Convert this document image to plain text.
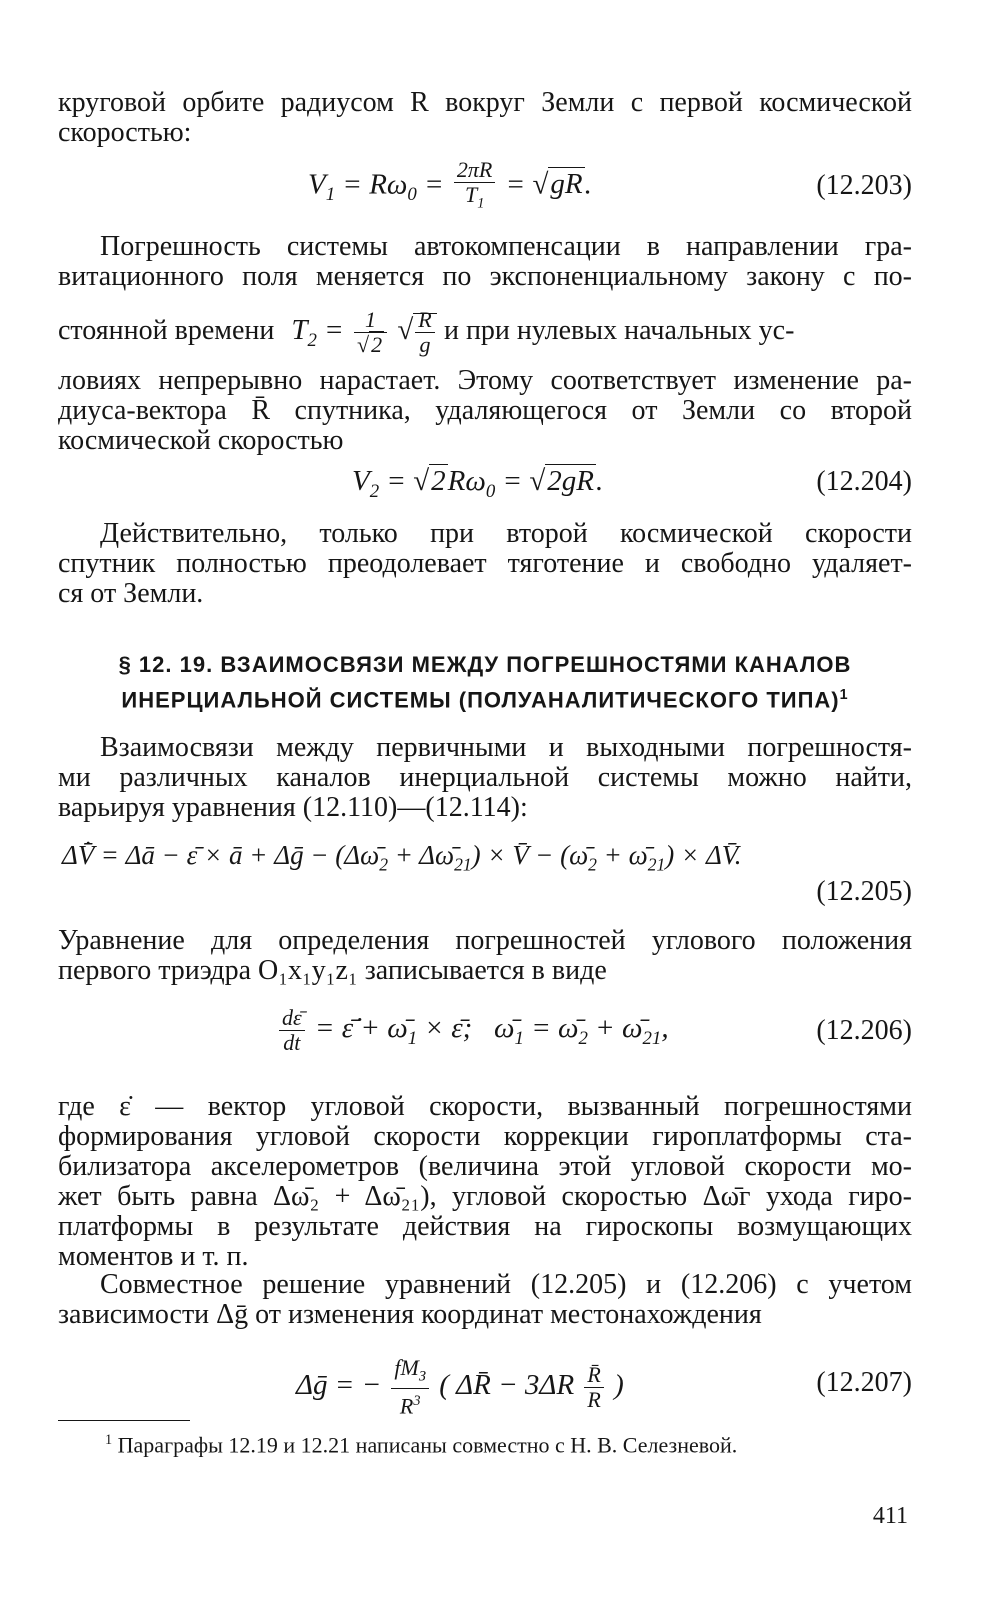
круговой орбите радиусом R вокруг Земли с первой космической
скоростью:
$V_1 = R\omega_0 = \frac{2\pi R}{T_1} = √gR$.	(12.203)
Погрешность системы автокомпенсации в направлении гра-
витационного поля меняется по экспоненциальному закону с по-
стоянной времени $T_2 = \frac{1}{√2}$ √ $\frac{R}{g}$ и при нулевых начальных ус-
ловиях непрерывно нарастает. Этому соответствует изменение ра-
диуса-вектора R̄ спутника, удаляющегося от Земли со второй
космической скоростью
$V_2 = √2R\omega_0 = √2gR$.	(12.204)
Действительно, только при второй космической скорости
спутник полностью преодолевает тяготение и свободно удаляет-
ся от Земли.
§ 12. 19. ВЗАИМОСВЯЗИ МЕЖДУ ПОГРЕШНОСТЯМИ КАНАЛОВ
ИНЕРЦИАЛЬНОЙ СИСТЕМЫ (ПОЛУАНАЛИТИЧЕСКОГО ТИПА)$^1$
Взаимосвязи между первичными и выходными погрешностя-
ми различных каналов инерциальной системы можно найти,
варьируя уравнения (12.110)—(12.114):
ΔV̄̇ = Δā − ε̄ × ā + Δḡ − ($\Delta\omegā_2$ + $\Delta\omegā_{21}$) × V̄ − ($\omegā_2$ + $\omegā_{21}$) × ΔV̄.
(12.205)
Уравнение для определения погрешностей углового положения
первого триэдра O₁x₁y₁z₁ записывается в виде
$\frac{d\varepsilon̄}{dt}$ = ε̄̇ + $\omegā_1$ × ε̄;   $\omegā_1$ = $\omegā_2$ + $\omegā_{21}$,	(12.206)
где ε̇ — вектор угловой скорости, вызванный погрешностями
формирования угловой скорости коррекции гироплатформы ста-
билизатора акселерометров (величина этой угловой скорости мо-
жет быть равна Δω̄₂ + Δω̄₂₁), угловой скоростью Δω̄г ухода гиро-
платформы в результате действия на гироскопы возмущающих
моментов и т. п.
Совместное решение уравнений (12.205) и (12.206) с учетом
зависимости Δḡ от изменения координат местонахождения
Δḡ = − $\frac{fM_З}{R^3}$ ( ΔR̄ − $3\Delta R \frac{R̄}{R}$ )	(12.207)
$^1$ Параграфы 12.19 и 12.21 написаны совместно с Н. В. Селезневой.
411
